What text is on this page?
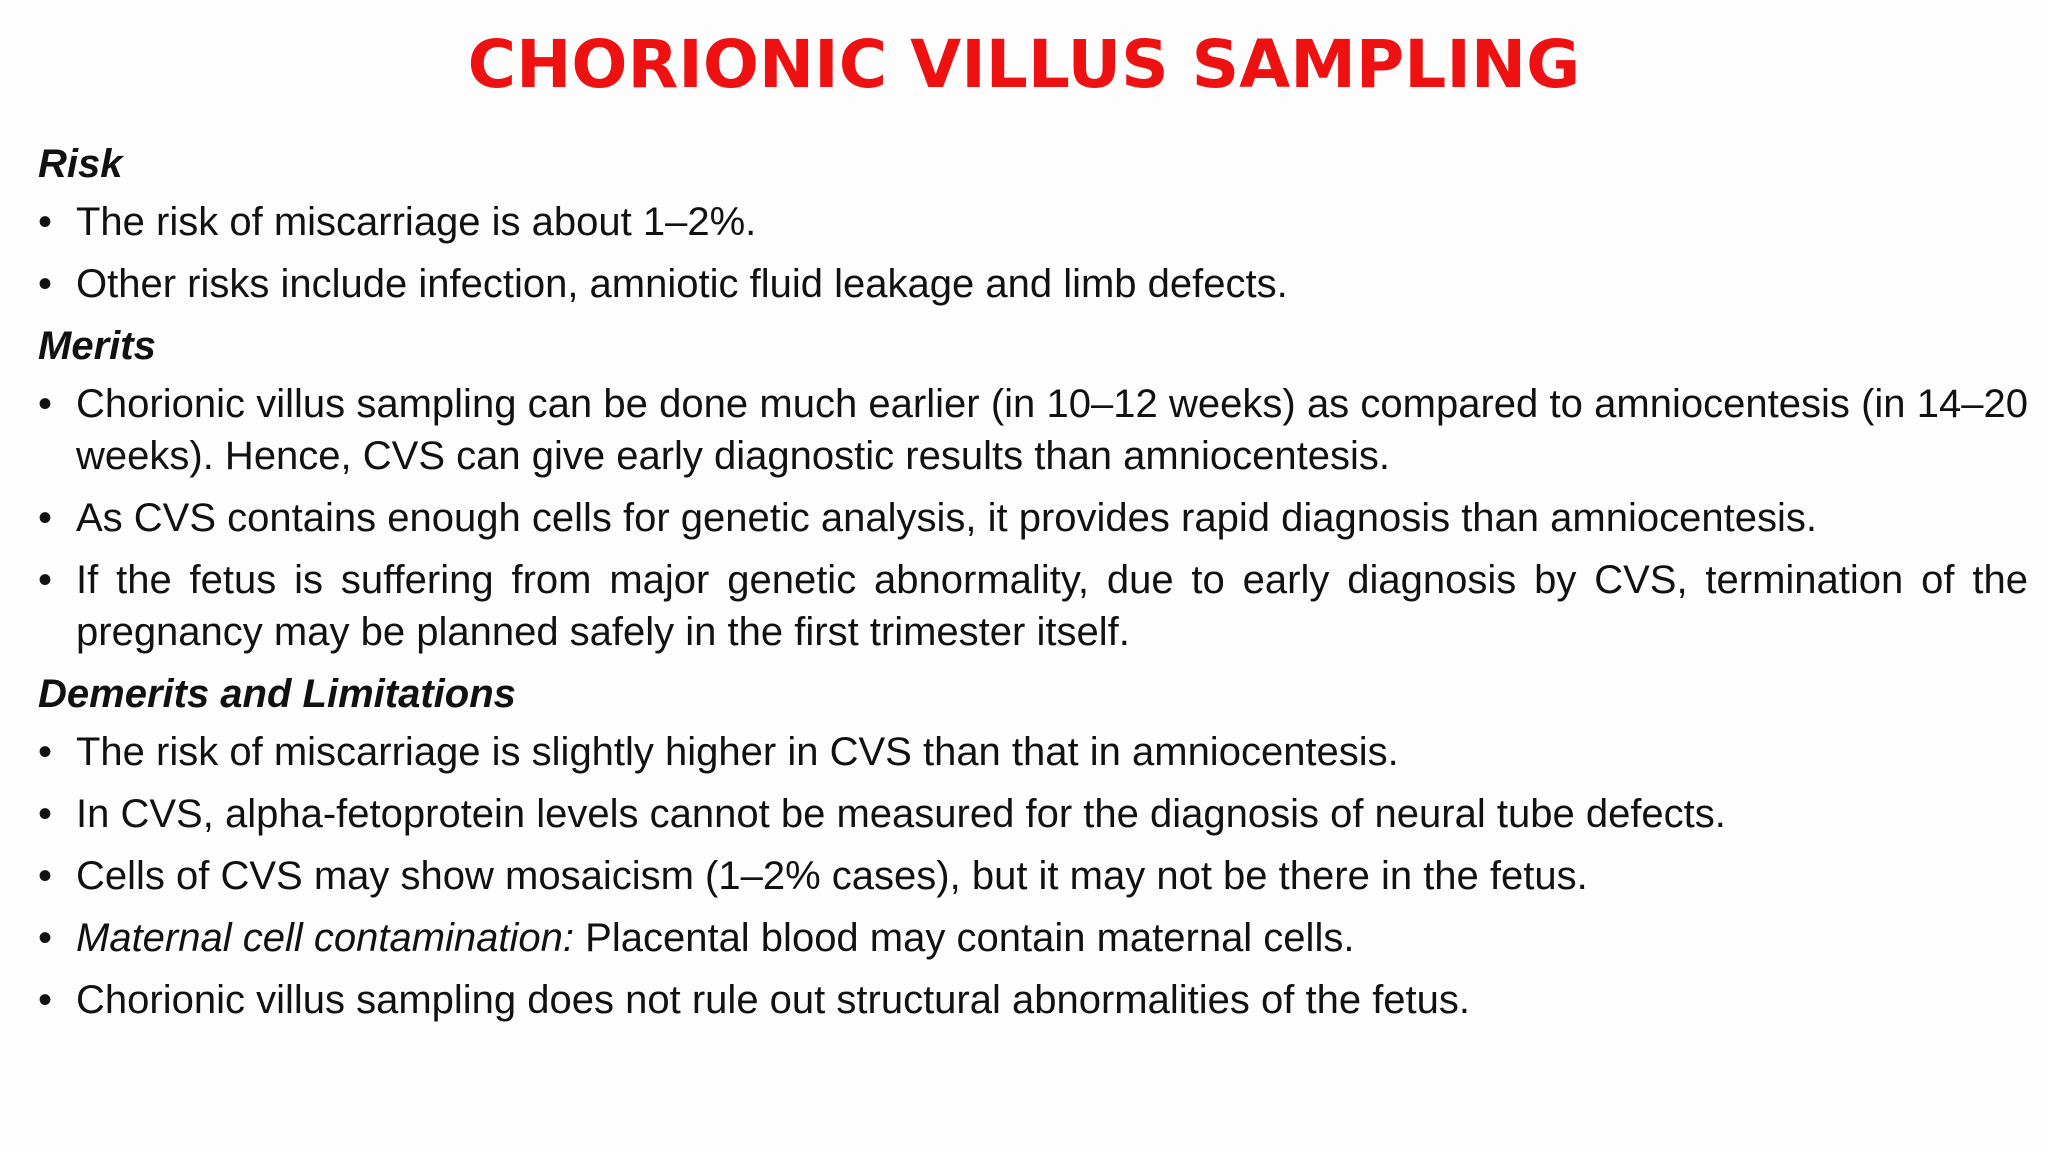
CHORIONIC VILLUS SAMPLING
Risk
• The risk of miscarriage is about 1–2%.
• Other risks include infection, amniotic fluid leakage and limb defects.
Merits
• Chorionic villus sampling can be done much earlier (in 10–12 weeks) as compared to amniocentesis (in 14–20 weeks). Hence, CVS can give early diagnostic results than amniocentesis.
• As CVS contains enough cells for genetic analysis, it provides rapid diagnosis than amniocentesis.
• If the fetus is suffering from major genetic abnormality, due to early diagnosis by CVS, termination of the pregnancy may be planned safely in the first trimester itself.
Demerits and Limitations
• The risk of miscarriage is slightly higher in CVS than that in amniocentesis.
• In CVS, alpha-fetoprotein levels cannot be measured for the diagnosis of neural tube defects.
• Cells of CVS may show mosaicism (1–2% cases), but it may not be there in the fetus.
• Maternal cell contamination: Placental blood may contain maternal cells.
• Chorionic villus sampling does not rule out structural abnormalities of the fetus.
